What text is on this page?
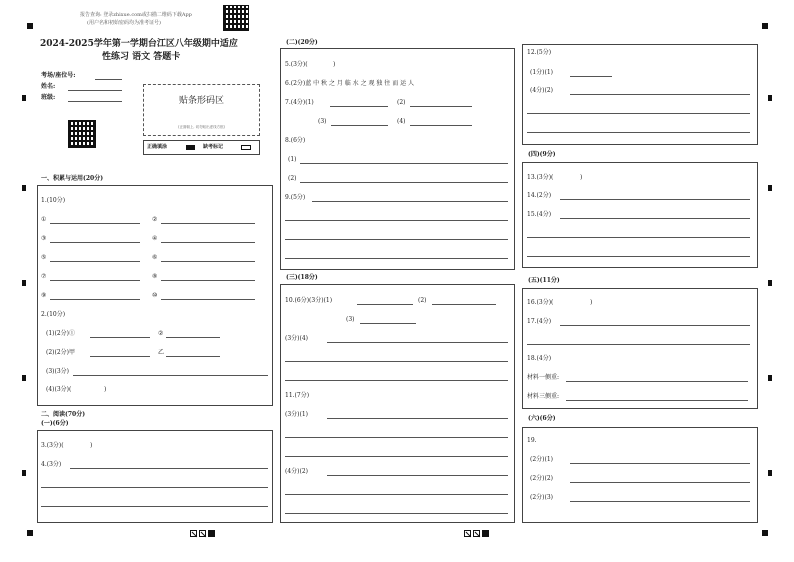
报告查询: 登录zhixue.com或扫描二维码下载App
(用户名和初始密码均为准考证号)
2024-2025学年第一学期台江区八年级期中适应
性练习 语文 答题卡
考场/座位号:
姓名:
班级:	贴条形码区
(正面朝上, 切勿贴出虚线方框)
正确填涂	缺考标记
一、积累与运用(20分)
1.(10分)
①	②
③	④
⑤	⑥
⑦	⑧
⑨	⑩
2.(10分)
(1)(2分)①	②
(2)(2分)甲	乙
(3)(3分)
(4)(3分)(	)
二、阅读(70分)
(一)(6分)
3.(3分)(	)
4.(3分)

(二)(20分)
5.(3分)(	)
6.(2分)蓝 中 秋 之 月 临 水 之 观 独 往 而 运 人
7.(4分)(1)	(2)
(3)	(4)
8.(6分)
(1)
(2)
9.(5分)
(三)(18分)
10.(6分)(3分)(1)	(2)
(3)
(3分)(4)
11.(7分)
(3分)(1)
(4分)(2)

12.(5分)
(1分)(1)
(4分)(2)
(四)(9分)
13.(3分)(	)
14.(2分)
15.(4分)
(五)(11分)
16.(3分)(	)
17.(4分)
18.(4分)
材料一侧重:
材料三侧重:
(六)(6分)
19.
(2分)(1)
(2分)(2)
(2分)(3)
